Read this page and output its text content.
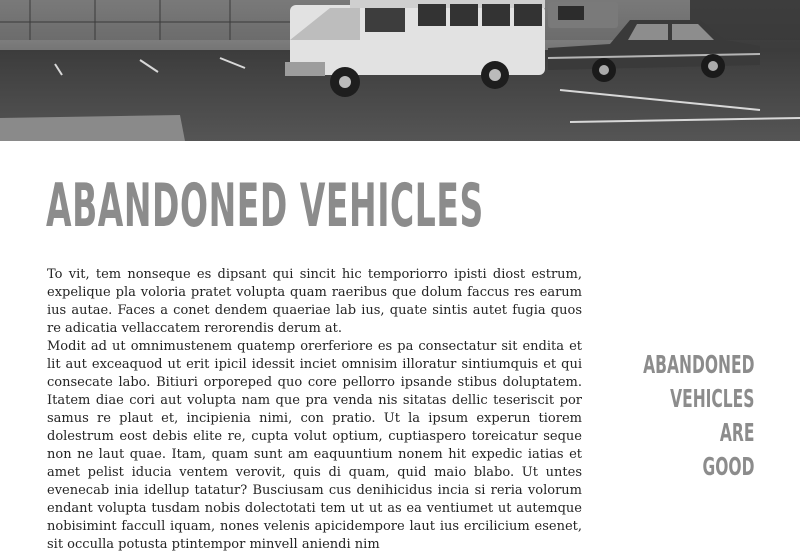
ABANDONED VEHICLES

To vit, tem nonseque es dipsant qui sincit hic temporiorro ipisti diost estrum, expelique pla voloria pratet volupta quam raeribus que dolum faccus res earum ius autae. Faces a conet dendem quaeriae lab ius, quate sintis autet fugia quos re adicatia vellaccatem rerorendis derum at.

Modit ad ut omnimustenem quatemp orerferiore es pa consectatur sit endita et lit aut exceaquod ut erit ipicil idessit inciet omnisim illoratur sintiumquis et qui consecate labo. Bitiuri orporeped quo core pellorro ipsande stibus doluptatem. Itatem diae cori aut volupta nam que pra venda nis sitatas dellic teseriscit por samus re plaut et, incipienia nimi, con pratio. Ut la ipsum experun tiorem dolestrum eost debis elite re, cupta volut optium, cuptiaspero toreicatur seque non ne laut quae. Itam, quam sunt am eaquuntium nonem hit expedic iatias et amet pelist iducia ventem verovit, quis di quam, quid maio blabo. Ut untes evenecab inia idellup tatatur? Busciusam cus denihicidus incia si reria volorum endant volupta tusdam nobis dolectotati tem ut ut as ea ventiumet ut autemque nobisimint faccull iquam, nones velenis apicidempore laut ius ercilicium esenet, sit occulla potusta ptintempor minvell aniendi nim

ABANDONED
VEHICLES
ARE
GOOD
